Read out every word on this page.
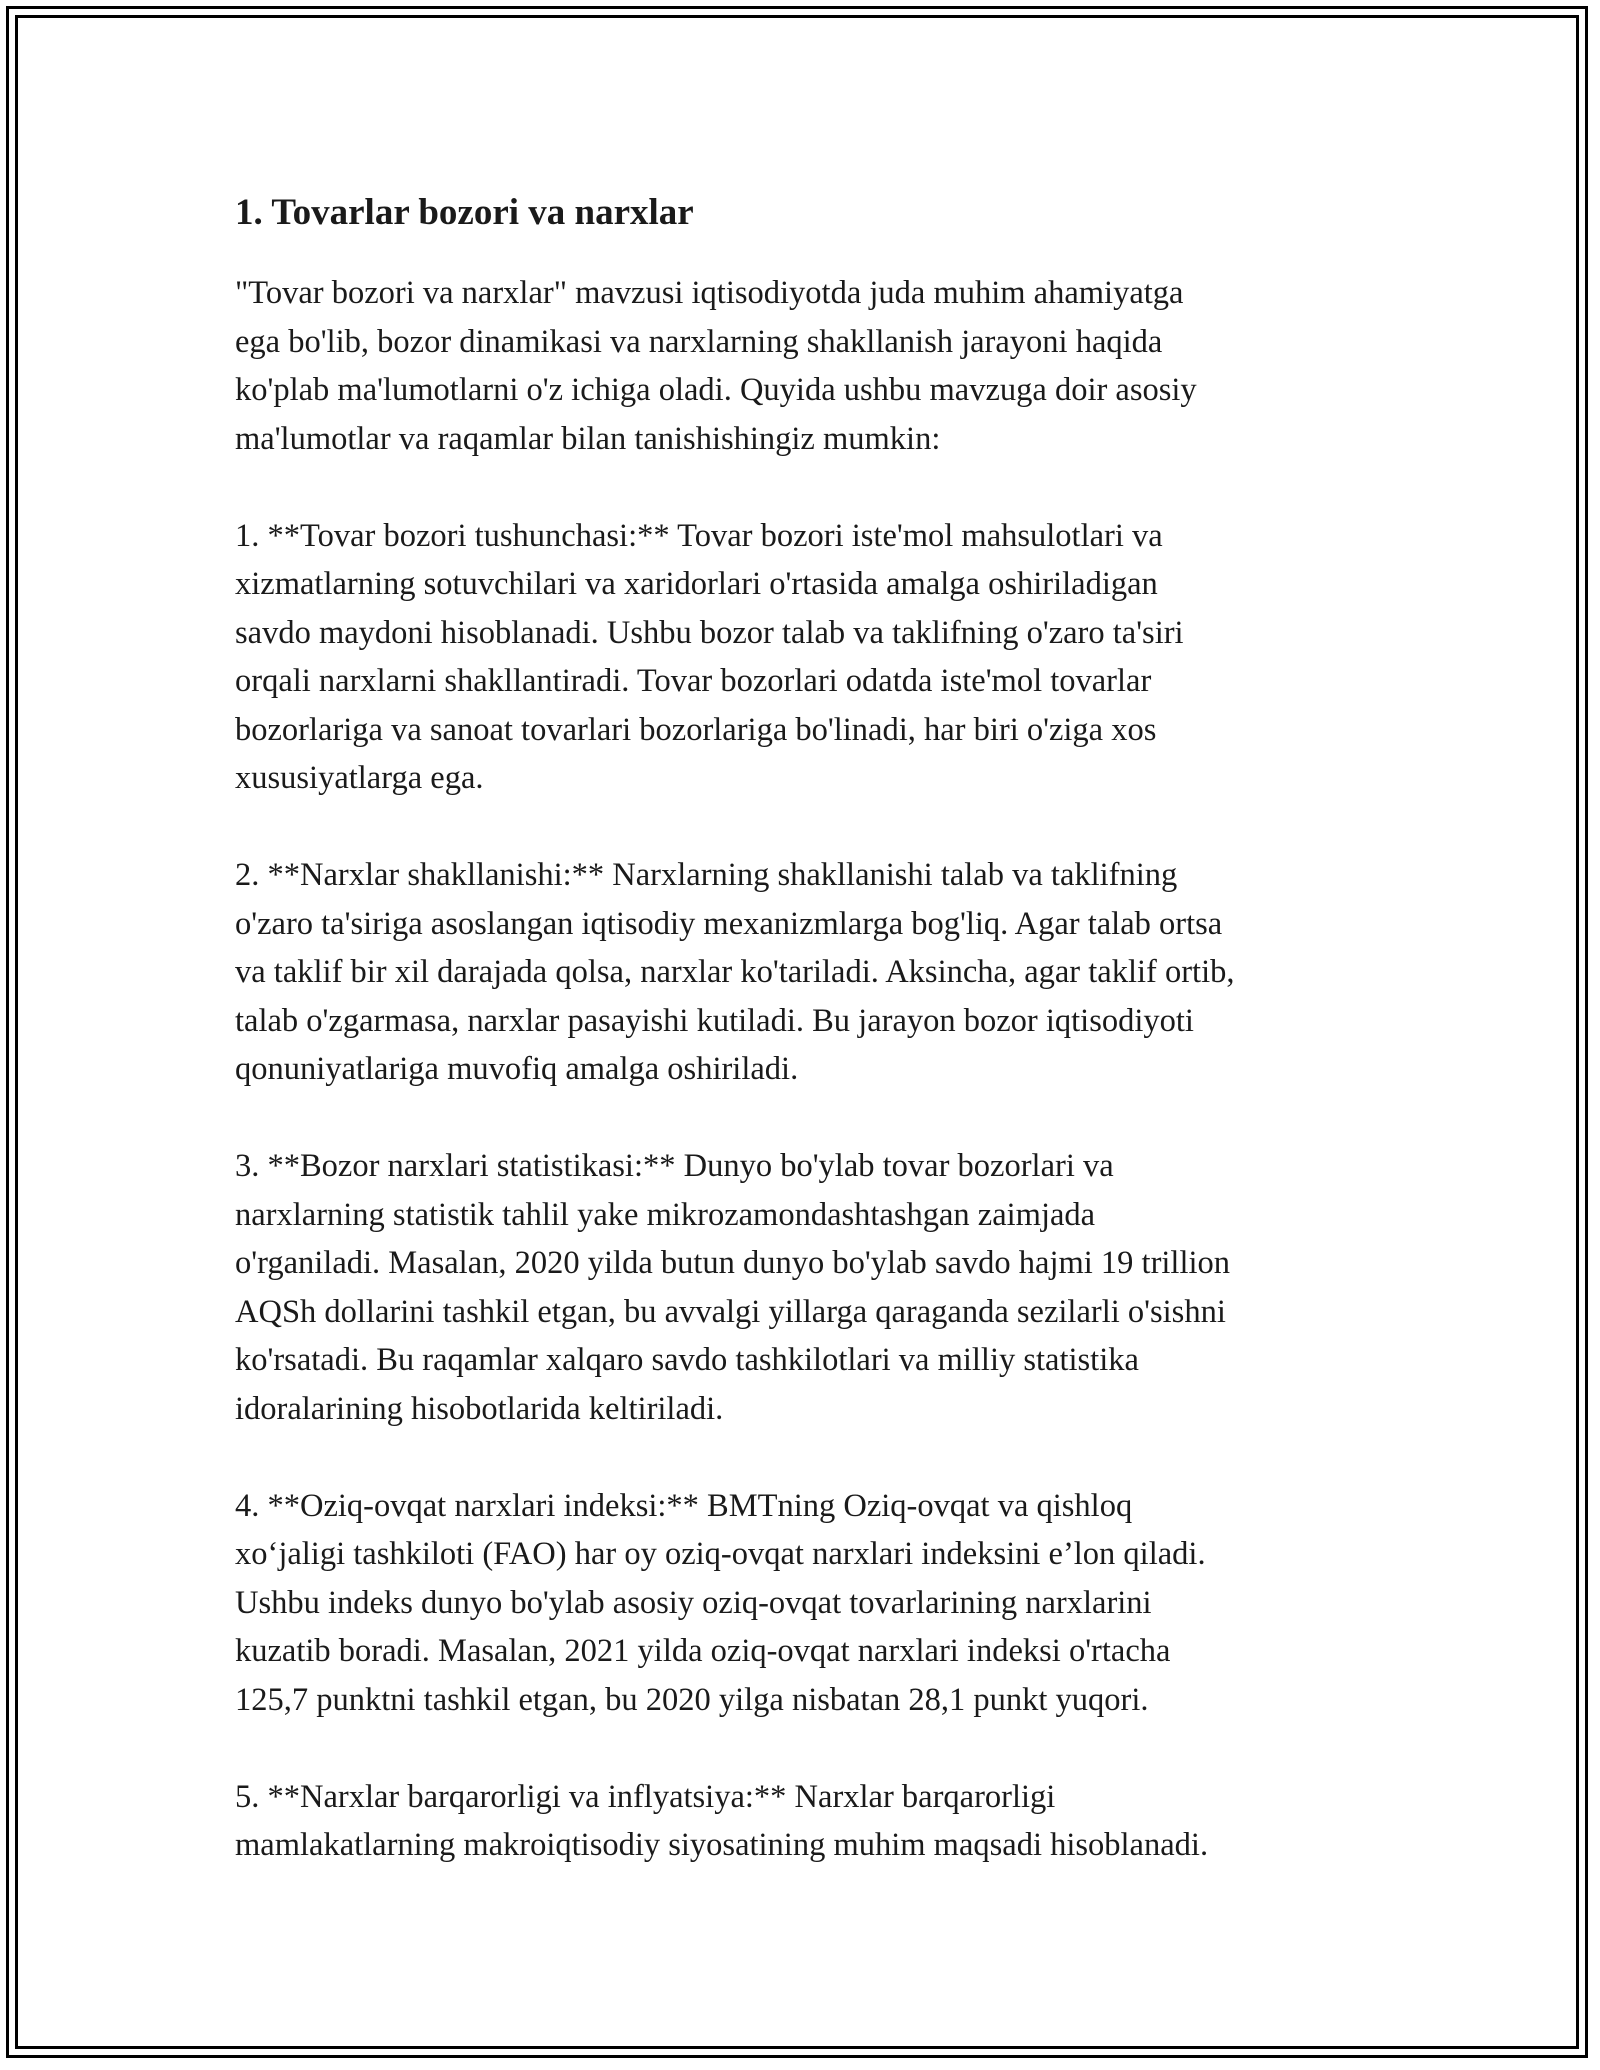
1. Tovarlar bozori va narxlar

"Tovar bozori va narxlar" mavzusi iqtisodiyotda juda muhim ahamiyatga
ega bo'lib, bozor dinamikasi va narxlarning shakllanish jarayoni haqida
ko'plab ma'lumotlarni o'z ichiga oladi. Quyida ushbu mavzuga doir asosiy
ma'lumotlar va raqamlar bilan tanishishingiz mumkin:

1. **Tovar bozori tushunchasi:** Tovar bozori iste'mol mahsulotlari va
xizmatlarning sotuvchilari va xaridorlari o'rtasida amalga oshiriladigan
savdo maydoni hisoblanadi. Ushbu bozor talab va taklifning o'zaro ta'siri
orqali narxlarni shakllantiradi. Tovar bozorlari odatda iste'mol tovarlar
bozorlariga va sanoat tovarlari bozorlariga bo'linadi, har biri o'ziga xos
xususiyatlarga ega.

2. **Narxlar shakllanishi:** Narxlarning shakllanishi talab va taklifning
o'zaro ta'siriga asoslangan iqtisodiy mexanizmlarga bog'liq. Agar talab ortsa
va taklif bir xil darajada qolsa, narxlar ko'tariladi. Aksincha, agar taklif ortib,
talab o'zgarmasa, narxlar pasayishi kutiladi. Bu jarayon bozor iqtisodiyoti
qonuniyatlariga muvofiq amalga oshiriladi.

3. **Bozor narxlari statistikasi:** Dunyo bo'ylab tovar bozorlari va
narxlarning statistik tahlil yake mikrozamondashtashgan zaimjada
o'rganiladi. Masalan, 2020 yilda butun dunyo bo'ylab savdo hajmi 19 trillion
AQSh dollarini tashkil etgan, bu avvalgi yillarga qaraganda sezilarli o'sishni
ko'rsatadi. Bu raqamlar xalqaro savdo tashkilotlari va milliy statistika
idoralarining hisobotlarida keltiriladi.

4. **Oziq-ovqat narxlari indeksi:** BMTning Oziq-ovqat va qishloq
xo‘jaligi tashkiloti (FAO) har oy oziq-ovqat narxlari indeksini e’lon qiladi.
Ushbu indeks dunyo bo'ylab asosiy oziq-ovqat tovarlarining narxlarini
kuzatib boradi. Masalan, 2021 yilda oziq-ovqat narxlari indeksi o'rtacha
125,7 punktni tashkil etgan, bu 2020 yilga nisbatan 28,1 punkt yuqori.

5. **Narxlar barqarorligi va inflyatsiya:** Narxlar barqarorligi
mamlakatlarning makroiqtisodiy siyosatining muhim maqsadi hisoblanadi.
